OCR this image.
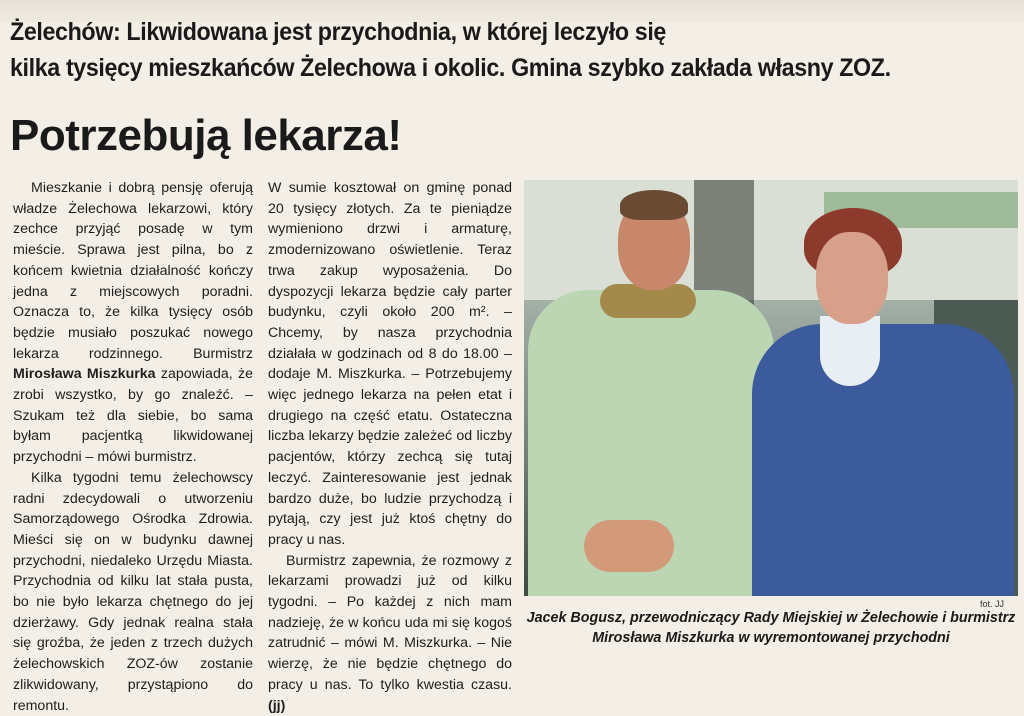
Żelechów: Likwidowana jest przychodnia, w której leczyło się
kilka tysięcy mieszkańców Żelechowa i okolic. Gmina szybko zakłada własny ZOZ.
Potrzebują lekarza!

Mieszkanie i dobrą pensję oferują władze Żelechowa lekarzowi, który zechce przyjąć posadę w tym mieście. Sprawa jest pilna, bo z końcem kwietnia działalność kończy jedna z miejscowych poradni. Oznacza to, że kilka tysięcy osób będzie musiało poszukać nowego lekarza rodzinnego. Burmistrz Mirosława Miszkurka zapowiada, że zrobi wszystko, by go znaleźć. – Szukam też dla siebie, bo sama byłam pacjentką likwidowanej przychodni – mówi burmistrz.

Kilka tygodni temu żelechowscy radni zdecydowali o utworzeniu Samorządowego Ośrodka Zdrowia. Mieści się on w budynku dawnej przychodni, niedaleko Urzędu Miasta. Przychodnia od kilku lat stała pusta, bo nie było lekarza chętnego do jej dzierżawy. Gdy jednak realna stała się groźba, że jeden z trzech dużych żelechowskich ZOZ-ów zostanie zlikwidowany, przystąpiono do remontu.

W sumie kosztował on gminę ponad 20 tysięcy złotych. Za te pieniądze wymieniono drzwi i armaturę, zmodernizowano oświetlenie. Teraz trwa zakup wyposażenia. Do dyspozycji lekarza będzie cały parter budynku, czyli około 200 m². – Chcemy, by nasza przychodnia działała w godzinach od 8 do 18.00 – dodaje M. Miszkurka. – Potrzebujemy więc jednego lekarza na pełen etat i drugiego na część etatu. Ostateczna liczba lekarzy będzie zależeć od liczby pacjentów, którzy zechcą się tutaj leczyć. Zainteresowanie jest jednak bardzo duże, bo ludzie przychodzą i pytają, czy jest już ktoś chętny do pracy u nas.

Burmistrz zapewnia, że rozmowy z lekarzami prowadzi już od kilku tygodni. – Po każdej z nich mam nadzieję, że w końcu uda mi się kogoś zatrudnić – mówi M. Miszkurka. – Nie wierzę, że nie będzie chętnego do pracy u nas. To tylko kwestia czasu. (jj)

fot. JJ
Jacek Bogusz, przewodniczący Rady Miejskiej w Żelechowie i burmistrz Mirosława Miszkurka w wyremontowanej przychodni
